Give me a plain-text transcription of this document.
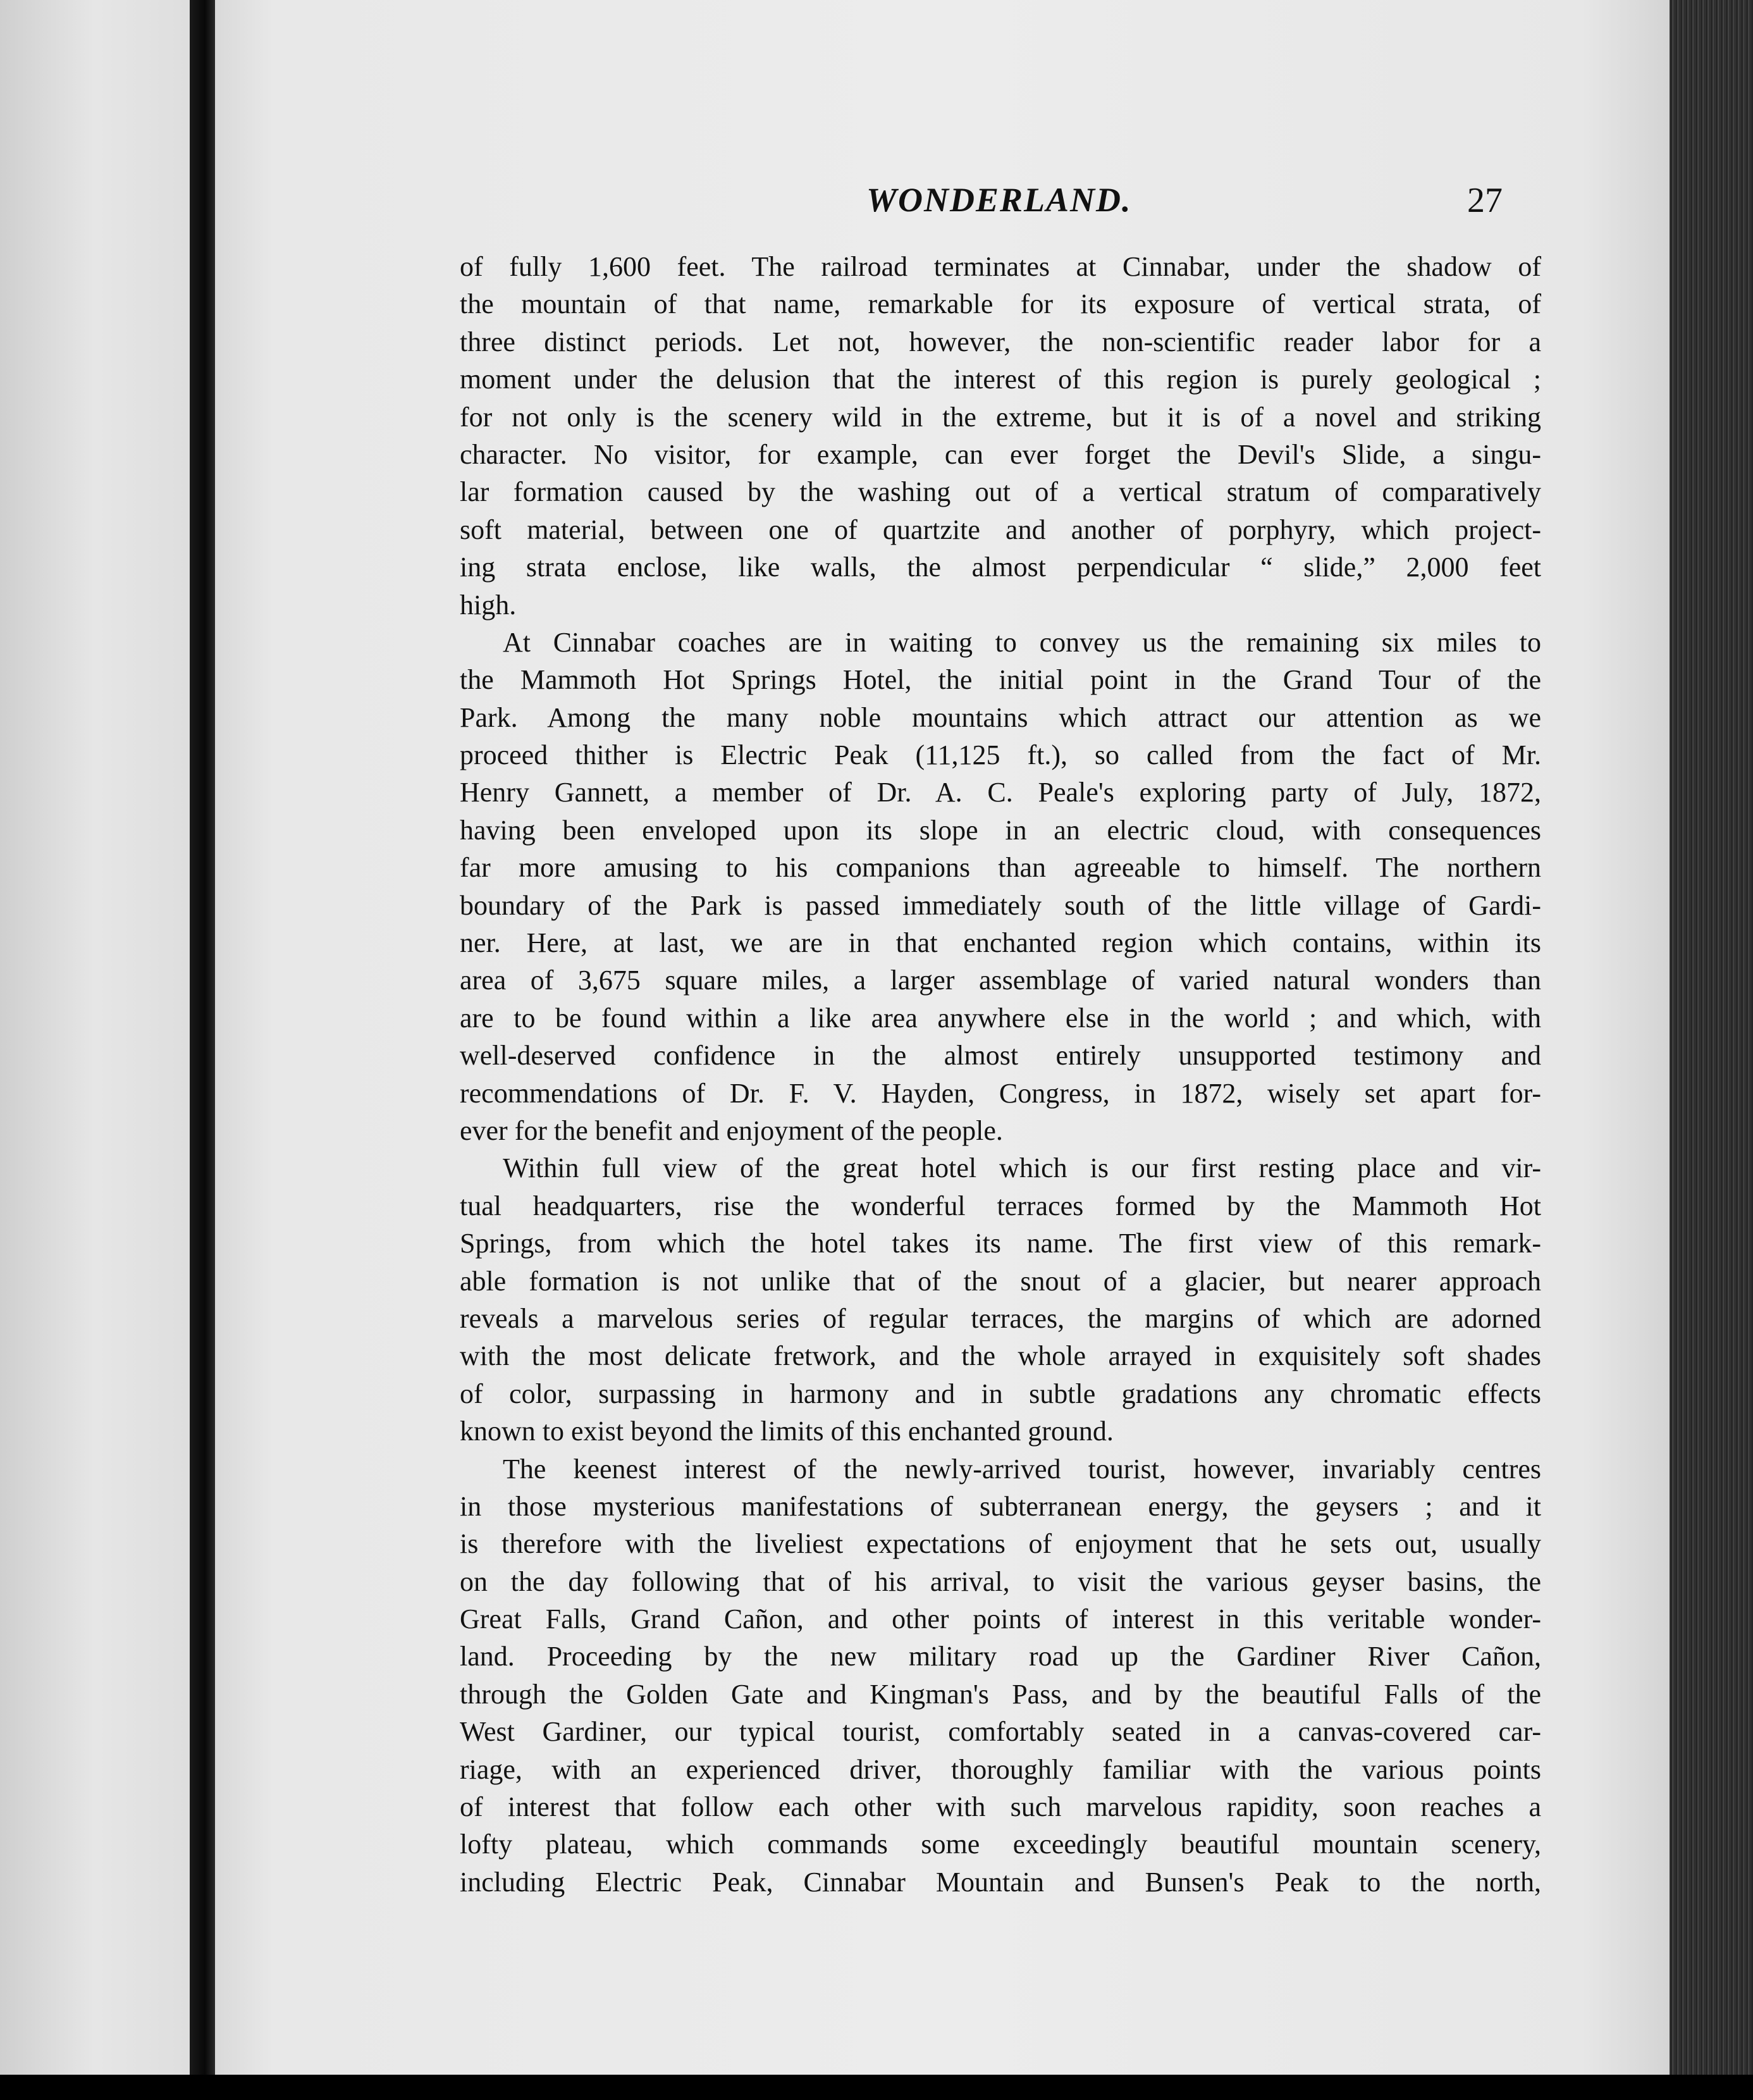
WONDERLAND.	27
of fully 1,600 feet. The railroad terminates at Cinnabar, under the shadow of
the mountain of that name, remarkable for its exposure of vertical strata, of
three distinct periods. Let not, however, the non-scientific reader labor for a
moment under the delusion that the interest of this region is purely geological ;
for not only is the scenery wild in the extreme, but it is of a novel and striking
character. No visitor, for example, can ever forget the Devil's Slide, a singu-
lar formation caused by the washing out of a vertical stratum of comparatively
soft material, between one of quartzite and another of porphyry, which project-
ing strata enclose, like walls, the almost perpendicular “ slide,” 2,000 feet
high.
At Cinnabar coaches are in waiting to convey us the remaining six miles to
the Mammoth Hot Springs Hotel, the initial point in the Grand Tour of the
Park. Among the many noble mountains which attract our attention as we
proceed thither is Electric Peak (11,125 ft.), so called from the fact of Mr.
Henry Gannett, a member of Dr. A. C. Peale's exploring party of July, 1872,
having been enveloped upon its slope in an electric cloud, with consequences
far more amusing to his companions than agreeable to himself. The northern
boundary of the Park is passed immediately south of the little village of Gardi-
ner. Here, at last, we are in that enchanted region which contains, within its
area of 3,675 square miles, a larger assemblage of varied natural wonders than
are to be found within a like area anywhere else in the world ; and which, with
well-deserved confidence in the almost entirely unsupported testimony and
recommendations of Dr. F. V. Hayden, Congress, in 1872, wisely set apart for-
ever for the benefit and enjoyment of the people.
Within full view of the great hotel which is our first resting place and vir-
tual headquarters, rise the wonderful terraces formed by the Mammoth Hot
Springs, from which the hotel takes its name. The first view of this remark-
able formation is not unlike that of the snout of a glacier, but nearer approach
reveals a marvelous series of regular terraces, the margins of which are adorned
with the most delicate fretwork, and the whole arrayed in exquisitely soft shades
of color, surpassing in harmony and in subtle gradations any chromatic effects
known to exist beyond the limits of this enchanted ground.
The keenest interest of the newly-arrived tourist, however, invariably centres
in those mysterious manifestations of subterranean energy, the geysers ; and it
is therefore with the liveliest expectations of enjoyment that he sets out, usually
on the day following that of his arrival, to visit the various geyser basins, the
Great Falls, Grand Cañon, and other points of interest in this veritable wonder-
land. Proceeding by the new military road up the Gardiner River Cañon,
through the Golden Gate and Kingman's Pass, and by the beautiful Falls of the
West Gardiner, our typical tourist, comfortably seated in a canvas-covered car-
riage, with an experienced driver, thoroughly familiar with the various points
of interest that follow each other with such marvelous rapidity, soon reaches a
lofty plateau, which commands some exceedingly beautiful mountain scenery,
including Electric Peak, Cinnabar Mountain and Bunsen's Peak to the north,
